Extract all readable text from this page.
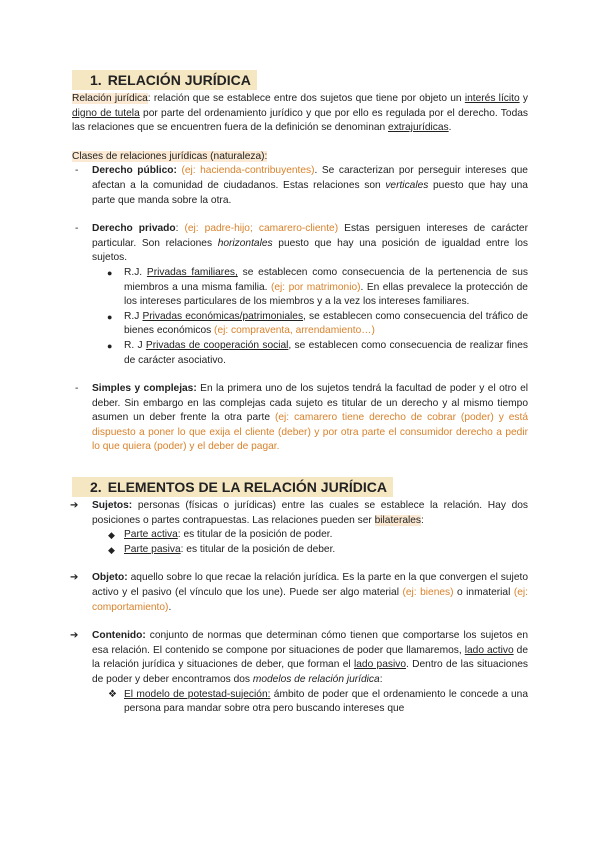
1. RELACIÓN JURÍDICA

Relación jurídica: relación que se establece entre dos sujetos que tiene por objeto un interés lícito y digno de tutela por parte del ordenamiento jurídico y que por ello es regulada por el derecho. Todas las relaciones que se encuentren fuera de la definición se denominan extrajurídicas.

Clases de relaciones jurídicas (naturaleza):

- Derecho público: (ej: hacienda-contribuyentes). Se caracterizan por perseguir intereses que afectan a la comunidad de ciudadanos. Estas relaciones son verticales puesto que hay una parte que manda sobre la otra.

- Derecho privado: (ej: padre-hijo; camarero-cliente) Estas persiguen intereses de carácter particular. Son relaciones horizontales puesto que hay una posición de igualdad entre los sujetos.

● R.J. Privadas familiares, se establecen como consecuencia de la pertenencia de sus miembros a una misma familia. (ej: por matrimonio). En ellas prevalece la protección de los intereses particulares de los miembros y a la vez los intereses familiares.

● R.J Privadas económicas/patrimoniales, se establecen como consecuencia del tráfico de bienes económicos (ej: compraventa, arrendamiento…)

● R. J Privadas de cooperación social, se establecen como consecuencia de realizar fines de carácter asociativo.

- Simples y complejas: En la primera uno de los sujetos tendrá la facultad de poder y el otro el deber. Sin embargo en las complejas cada sujeto es titular de un derecho y al mismo tiempo asumen un deber frente la otra parte (ej: camarero tiene derecho de cobrar (poder) y está dispuesto a poner lo que exija el cliente (deber) y por otra parte el consumidor derecho a pedir lo que quiera (poder) y el deber de pagar.

2. ELEMENTOS DE LA RELACIÓN JURÍDICA
➔ Sujetos: personas (físicas o jurídicas) entre las cuales se establece la relación. Hay dos posiciones o partes contrapuestas. Las relaciones pueden ser bilaterales:

◆ Parte activa: es titular de la posición de poder.

◆ Parte pasiva: es titular de la posición de deber.

➔ Objeto: aquello sobre lo que recae la relación jurídica. Es la parte en la que convergen el sujeto activo y el pasivo (el vínculo que los une). Puede ser algo material (ej: bienes) o inmaterial (ej: comportamiento).

➔ Contenido: conjunto de normas que determinan cómo tienen que comportarse los sujetos en esa relación. El contenido se compone por situaciones de poder que llamaremos, lado activo de la relación jurídica y situaciones de deber, que forman el lado pasivo. Dentro de las situaciones de poder y deber encontramos dos modelos de relación jurídica:

❖ El modelo de potestad-sujeción: ámbito de poder que el ordenamiento le concede a una persona para mandar sobre otra pero buscando intereses que
